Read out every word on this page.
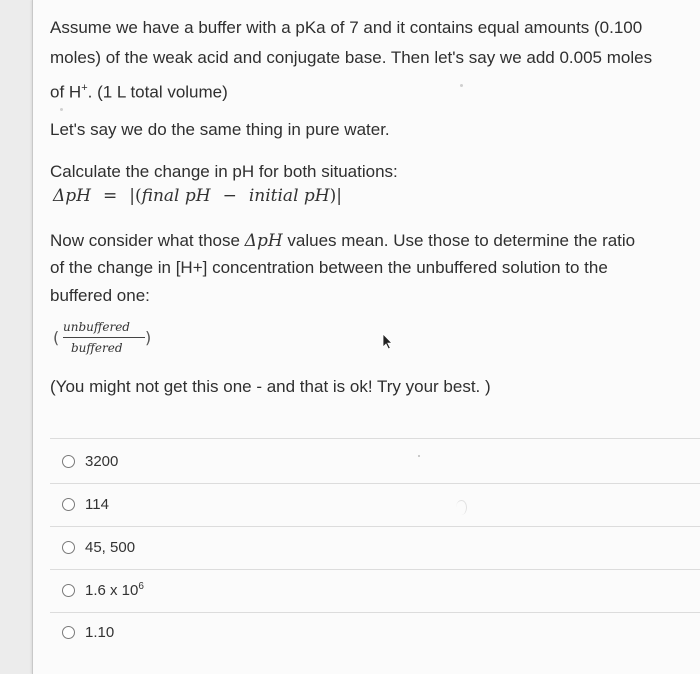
Assume we have a buffer with a pKa of 7 and it contains equal amounts (0.100

moles) of the weak acid and conjugate base. Then let's say we add 0.005 moles

of H+. (1 L total volume)

Let's say we do the same thing in pure water.

Calculate the change in pH for both situations:

ΔpH = |(final pH − initial pH)|

Now consider what those ΔpH values mean. Use those to determine the ratio

of the change in [H+] concentration between the unbuffered solution to the

buffered one:

(
unbuffered
buffered
)

(You might not get this one - and that is ok! Try your best. )

3200
114
45, 500
1.6 x $10^6$
1.10
